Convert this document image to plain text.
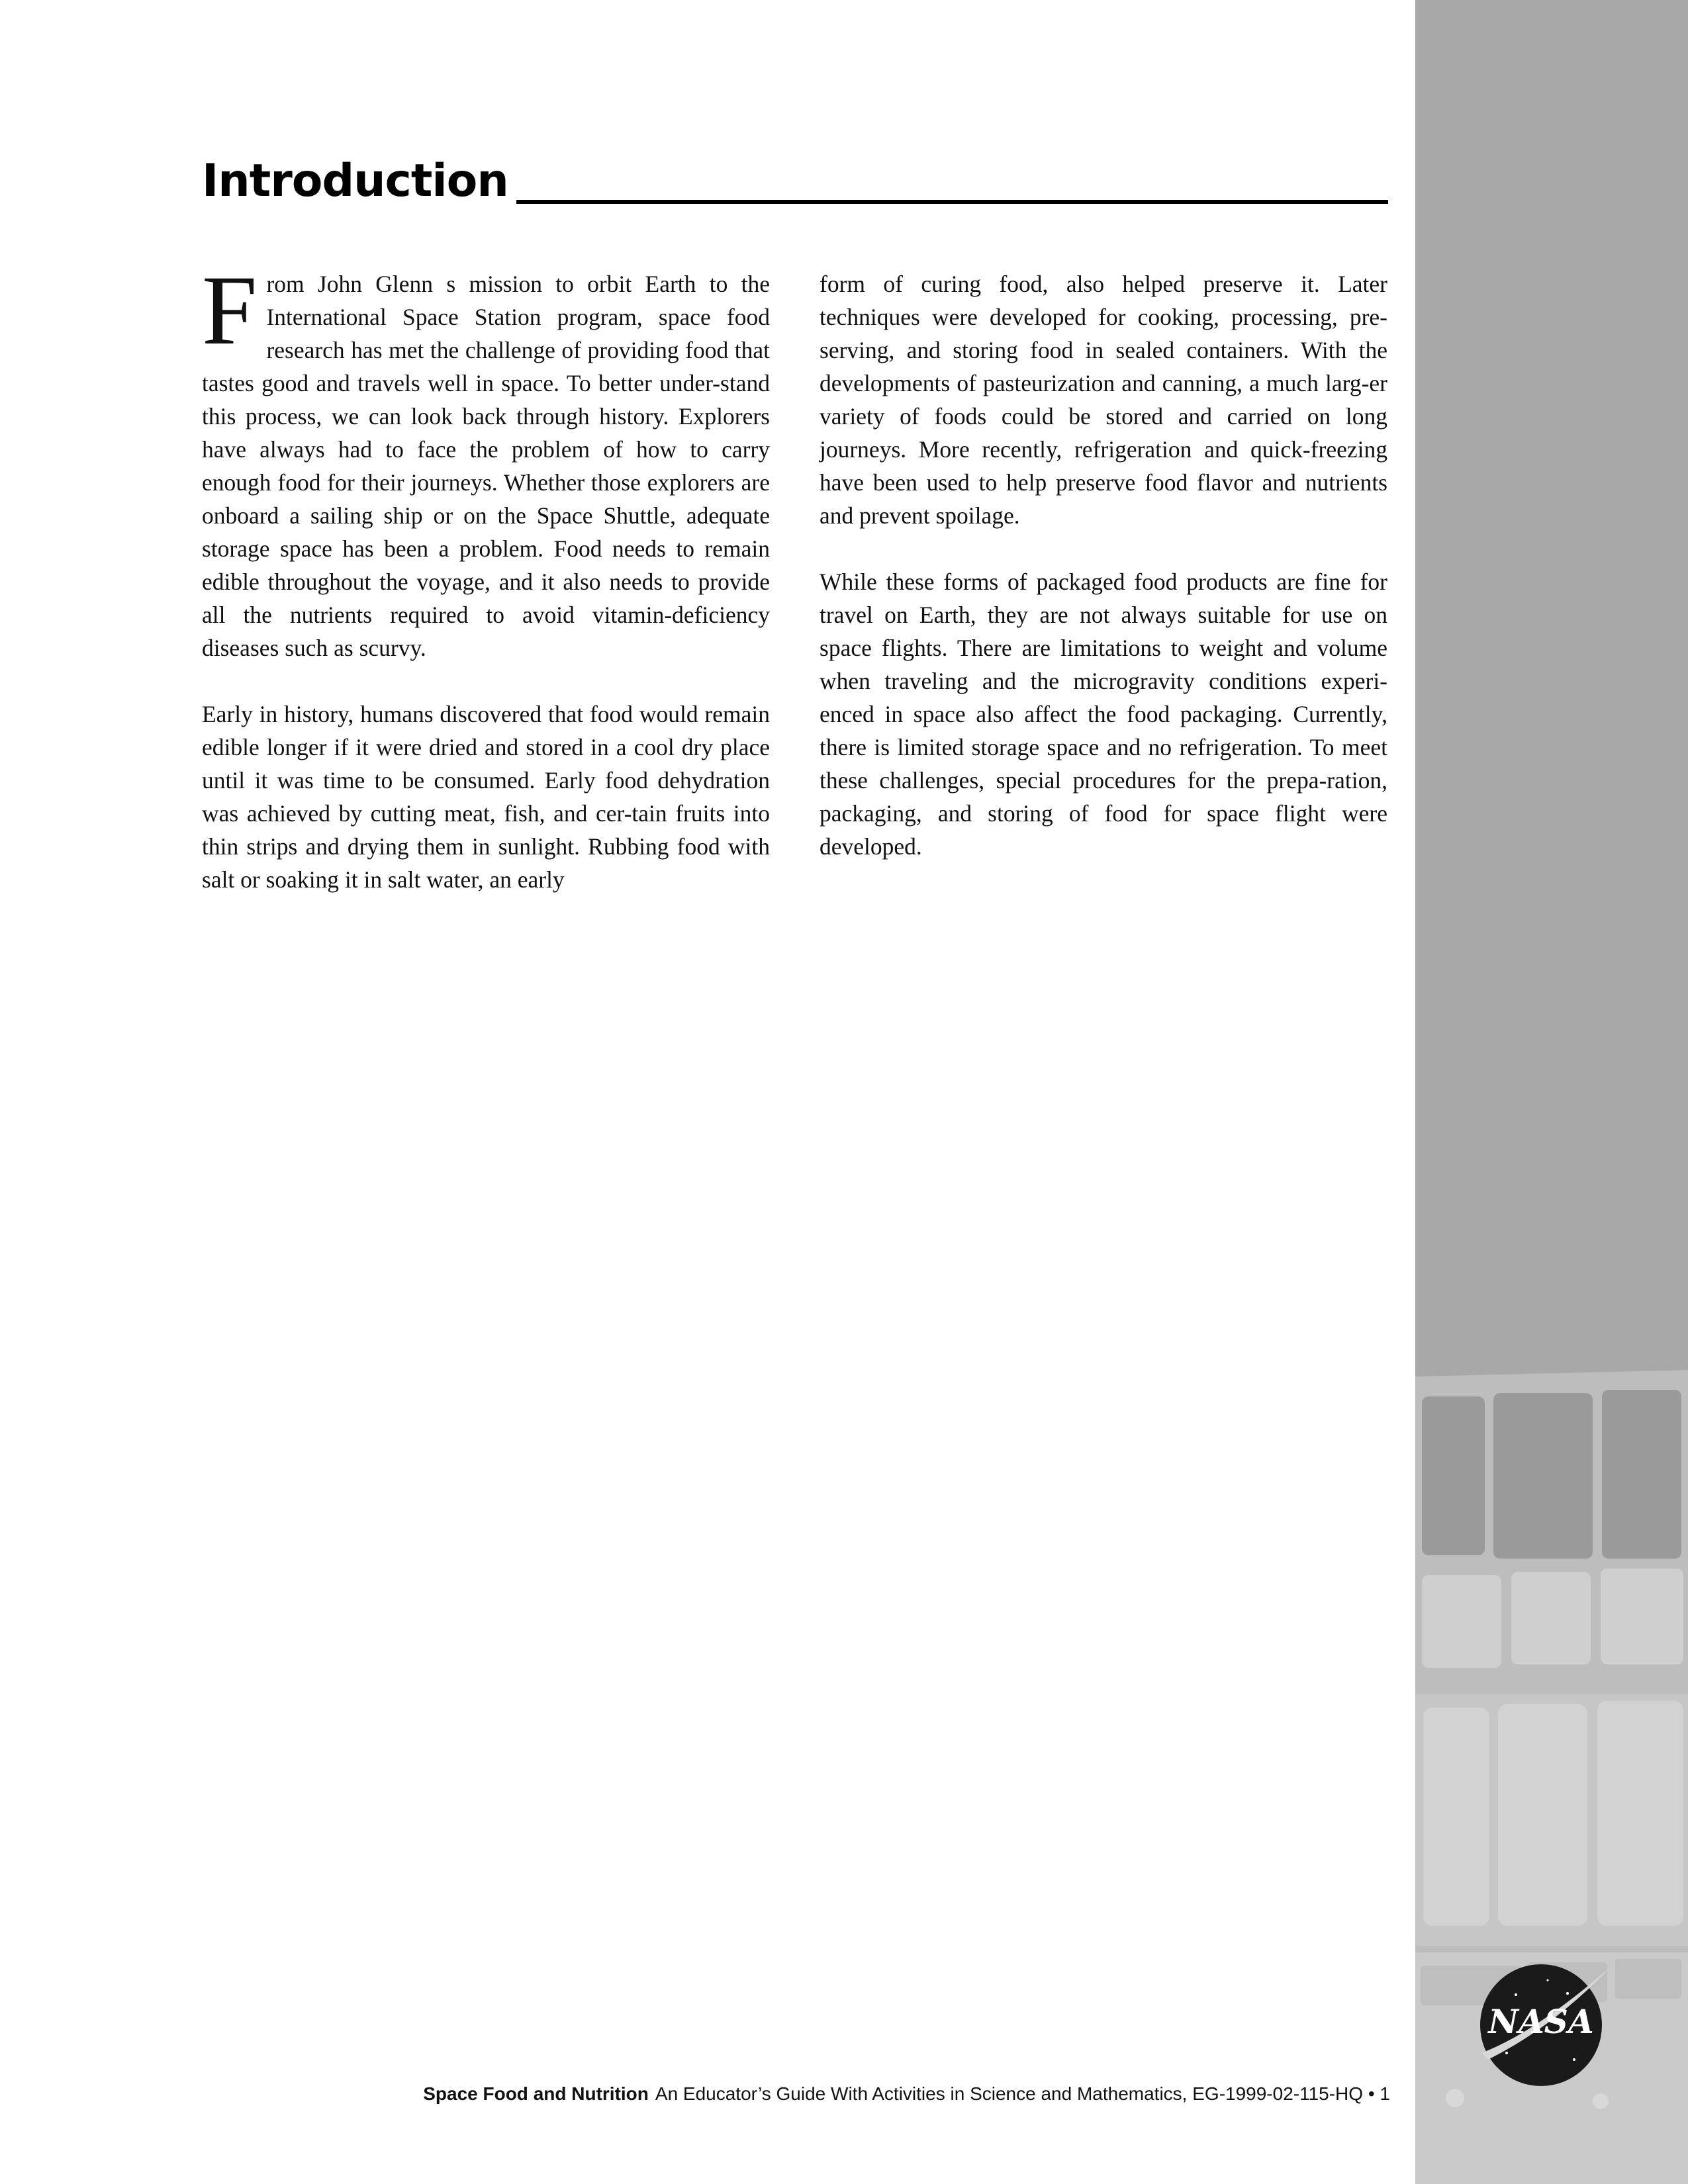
NASA
Introduction

From John Glenn s mission to orbit Earth to the International Space Station program, space food research has met the challenge of providing food that tastes good and travels well in space. To better under-stand this process, we can look back through history. Explorers have always had to face the problem of how to carry enough food for their journeys. Whether those explorers are onboard a sailing ship or on the Space Shuttle, adequate storage space has been a problem. Food needs to remain edible throughout the voyage, and it also needs to provide all the nutrients required to avoid vitamin-deficiency diseases such as scurvy.

Early in history, humans discovered that food would remain edible longer if it were dried and stored in a cool dry place until it was time to be consumed. Early food dehydration was achieved by cutting meat, fish, and cer-tain fruits into thin strips and drying them in sunlight. Rubbing food with salt or soaking it in salt water, an early

form of curing food, also helped preserve it. Later techniques were developed for cooking, processing, pre-serving, and storing food in sealed containers. With the developments of pasteurization and canning, a much larg-er variety of foods could be stored and carried on long journeys. More recently, refrigeration and quick-freezing have been used to help preserve food flavor and nutrients and prevent spoilage.

While these forms of packaged food products are fine for travel on Earth, they are not always suitable for use on space flights. There are limitations to weight and volume when traveling and the microgravity conditions experi-enced in space also affect the food packaging. Currently, there is limited storage space and no refrigeration. To meet these challenges, special procedures for the prepa-ration, packaging, and storing of food for space flight were developed.

Space Food and Nutrition An Educator’s Guide With Activities in Science and Mathematics, EG-1999-02-115-HQ • 1
